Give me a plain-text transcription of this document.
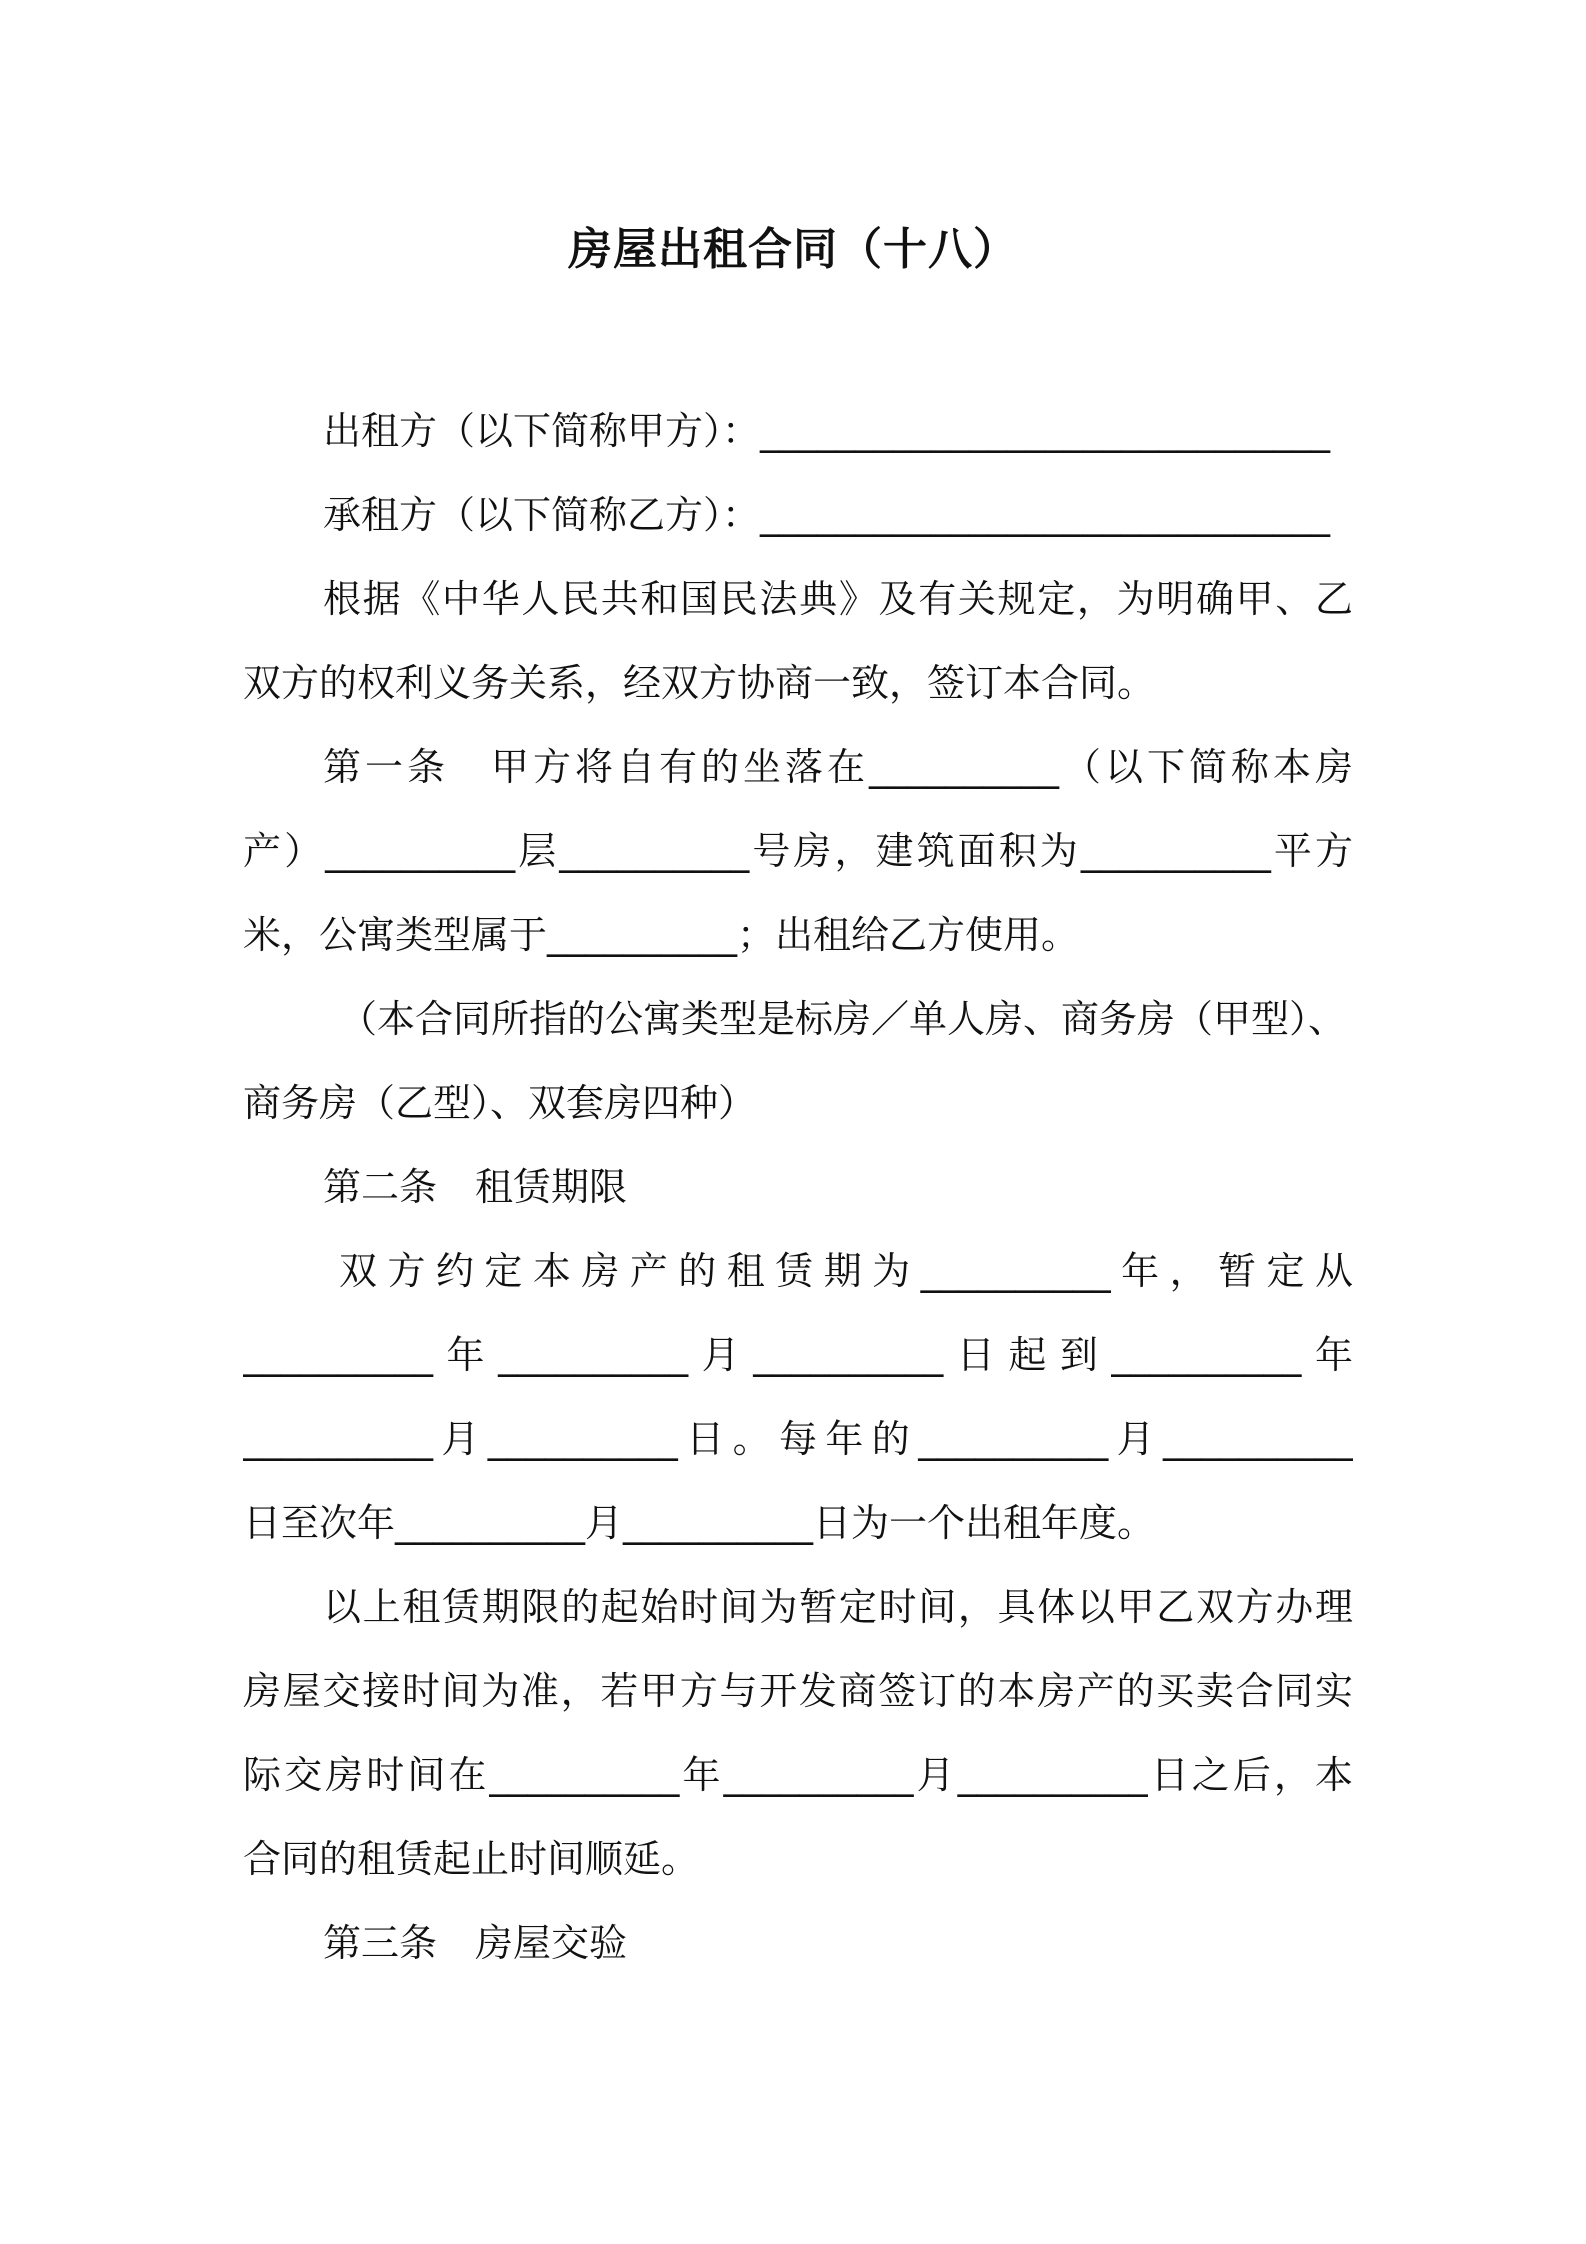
房屋出租合同（十八）
出租方（以下简称甲方）：______________________________
承租方（以下简称乙方）：______________________________
根据《中华人民共和国民法典》及有关规定，为明确甲、乙
双方的权利义务关系，经双方协商一致，签订本合同。
第一条　甲方将自有的坐落在__________（以下简称本房
产）__________层__________号房，建筑面积为__________平方
米，公寓类型属于__________；出租给乙方使用。
（本合同所指的公寓类型是标房／单人房、商务房（甲型）、
商务房（乙型）、双套房四种）
第二条　租赁期限
双方约定本房产的租赁期为__________年，暂定从
__________年__________月__________日起到__________年
__________月__________日。每年的__________月__________
日至次年__________月__________日为一个出租年度。
以上租赁期限的起始时间为暂定时间，具体以甲乙双方办理
房屋交接时间为准，若甲方与开发商签订的本房产的买卖合同实
际交房时间在__________年__________月__________日之后，本
合同的租赁起止时间顺延。
第三条　房屋交验
